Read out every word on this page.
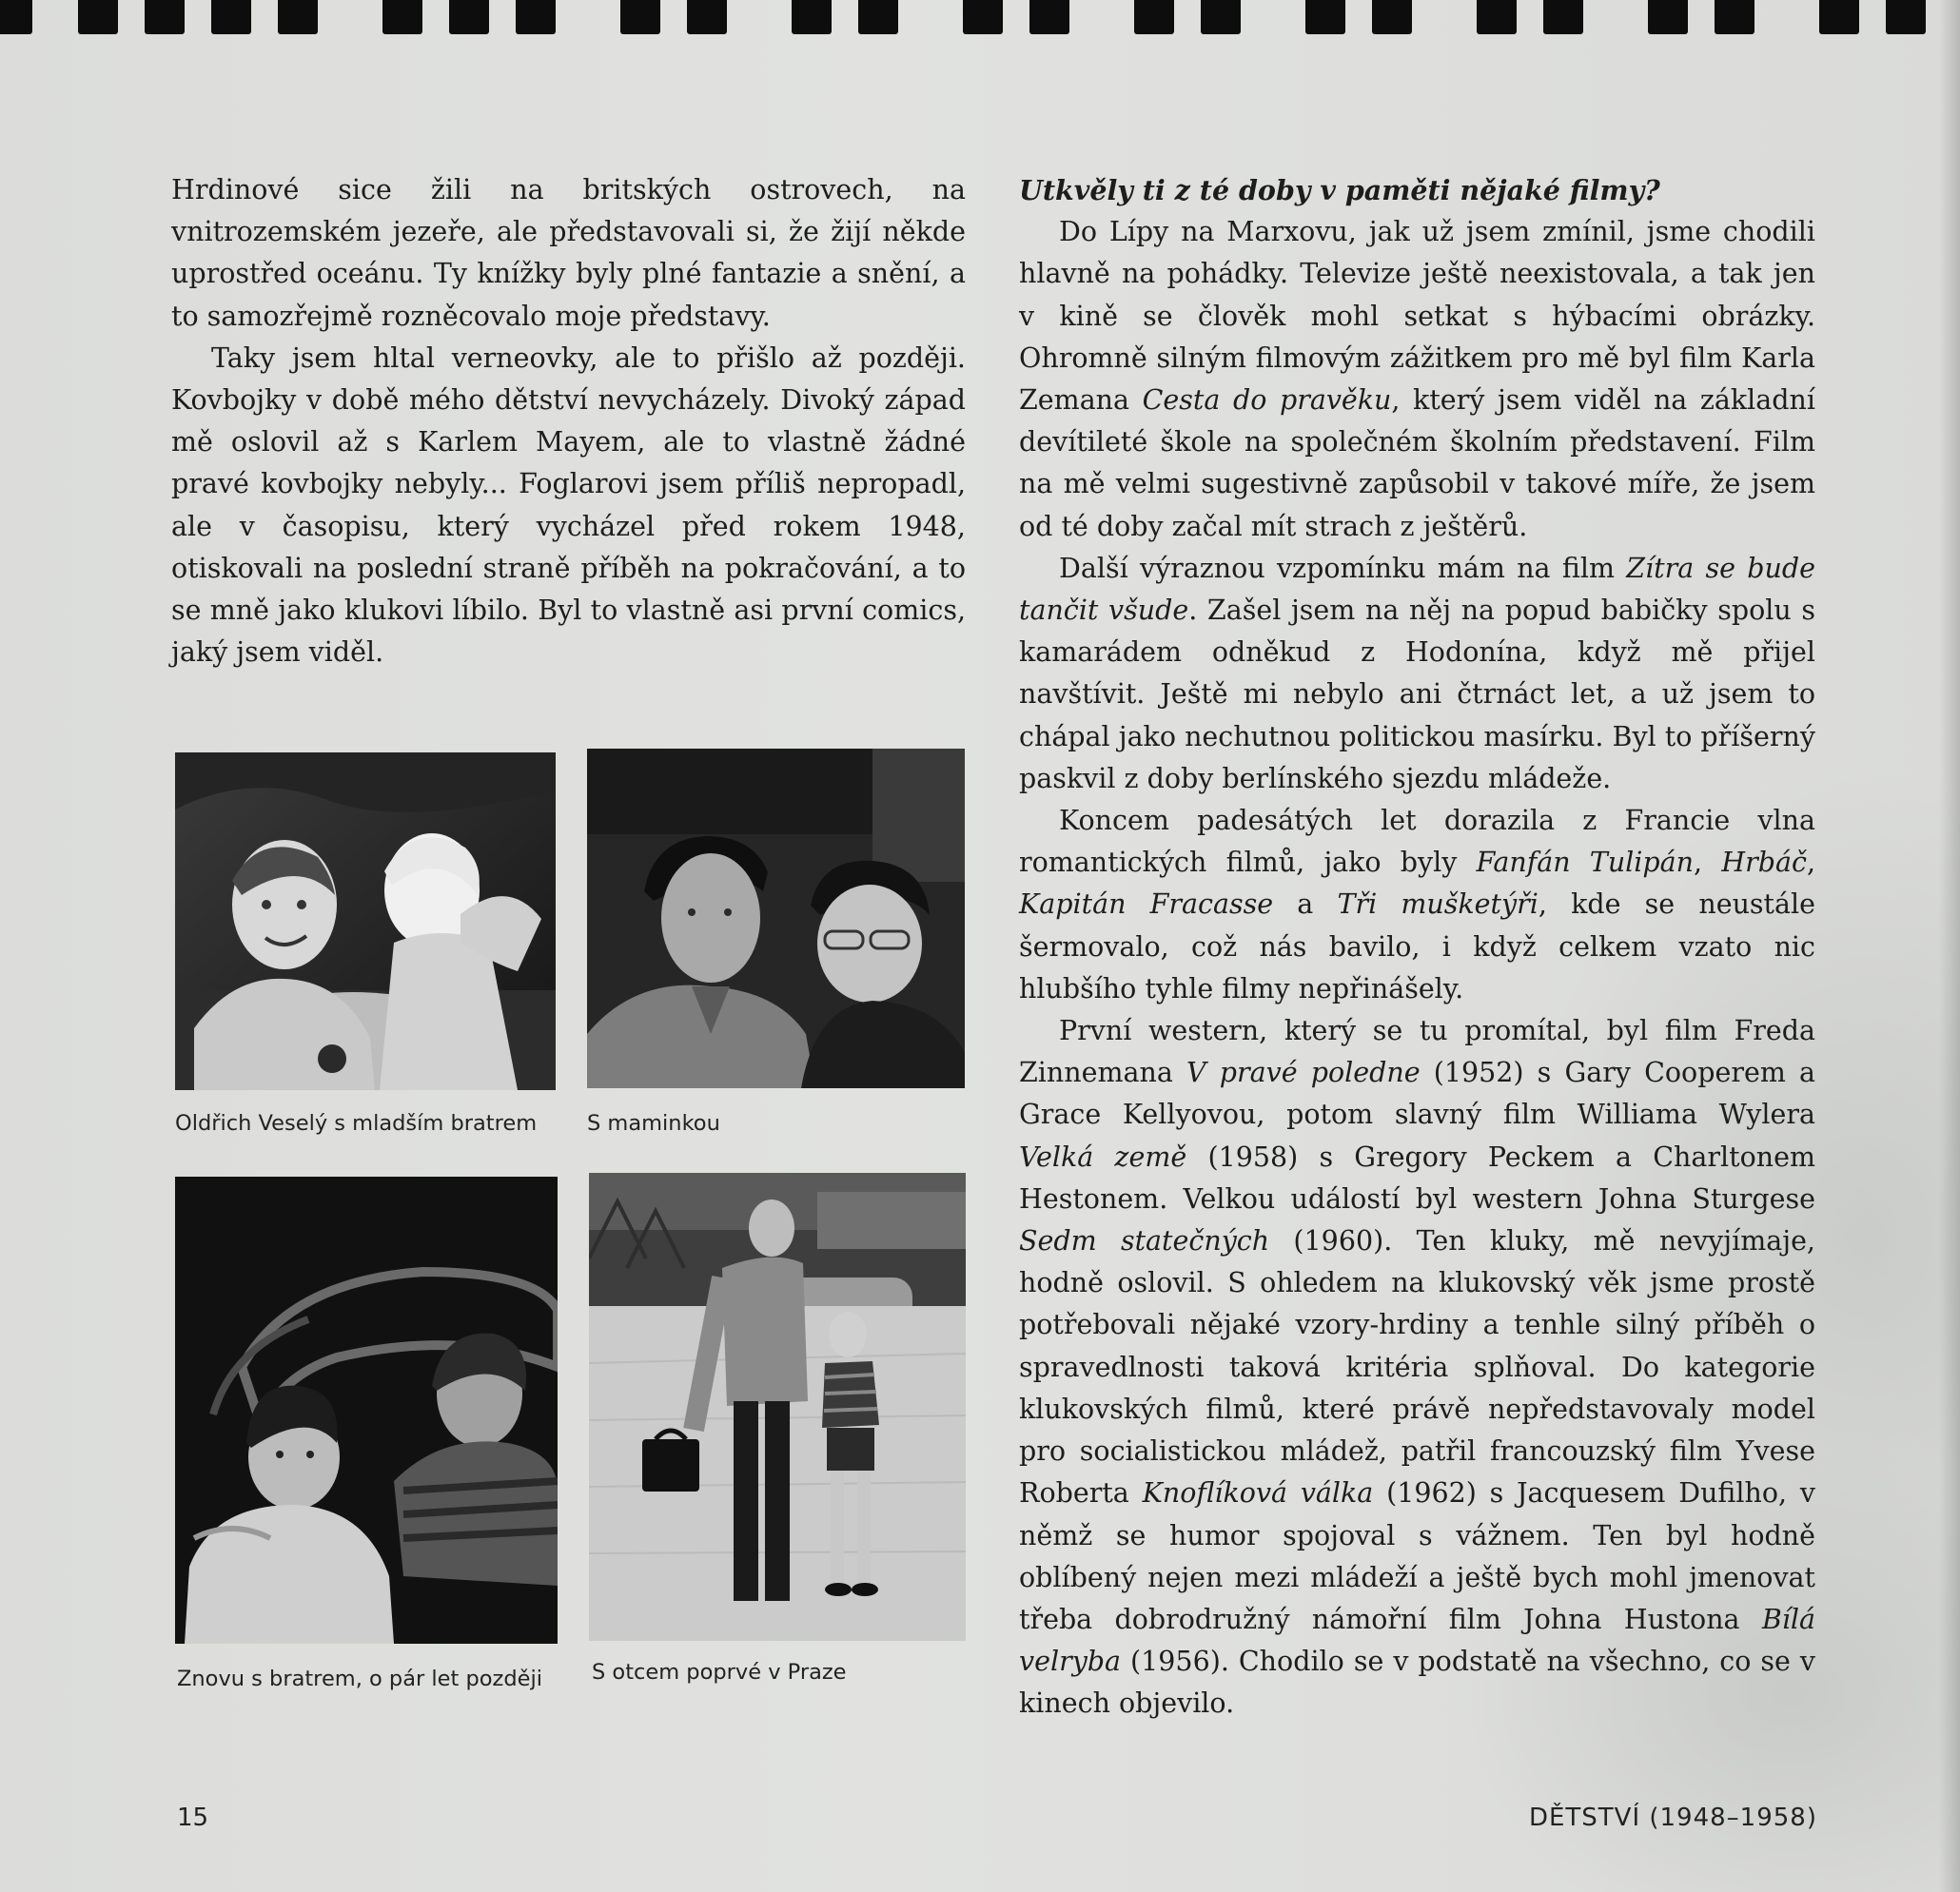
Hrdinové sice žili na britských ostrovech, na vnitrozemském jezeře, ale představovali si, že žijí někde uprostřed oceánu. Ty knížky byly plné fantazie a snění, a to samozřejmě rozněcovalo moje představy.

Taky jsem hltal verneovky, ale to přišlo až později. Kovbojky v době mého dětství nevycházely. Divoký západ mě oslovil až s Karlem Mayem, ale to vlastně žádné pravé kovbojky nebyly... Foglarovi jsem příliš nepropadl, ale v časopisu, který vycházel před rokem 1948, otiskovali na poslední straně příběh na pokračování, a to se mně jako klukovi líbilo. Byl to vlastně asi první comics, jaký jsem viděl.

Utkvěly ti z té doby v paměti nějaké filmy?

Do Lípy na Marxovu, jak už jsem zmínil, jsme chodili hlavně na pohádky. Televize ještě neexistovala, a tak jen v kině se člověk mohl setkat s hýbacími obrázky. Ohromně silným filmovým zážitkem pro mě byl film Karla Zemana Cesta do pravěku, který jsem viděl na základní devítileté škole na společném školním představení. Film na mě velmi sugestivně zapůsobil v takové míře, že jsem od té doby začal mít strach z ještěrů.

Další výraznou vzpomínku mám na film Zítra se bude tančit všude. Zašel jsem na něj na popud babičky spolu s kamarádem odněkud z Hodonína, když mě přijel navštívit. Ještě mi nebylo ani čtrnáct let, a už jsem to chápal jako nechutnou politickou masírku. Byl to příšerný paskvil z doby berlínského sjezdu mládeže.

Koncem padesátých let dorazila z Francie vlna romantických filmů, jako byly Fanfán Tulipán, Hrbáč, Kapitán Fracasse a Tři mušketýři, kde se neustále šermovalo, což nás bavilo, i když celkem vzato nic hlubšího tyhle filmy nepřinášely.

První western, který se tu promítal, byl film Freda Zinnemana V pravé poledne (1952) s Gary Cooperem a Grace Kellyovou, potom slavný film Williama Wylera Velká země (1958) s Gregory Peckem a Charltonem Hestonem. Velkou událostí byl western Johna Sturgese Sedm statečných (1960). Ten kluky, mě nevyjímaje, hodně oslovil. S ohledem na klukovský věk jsme prostě potřebovali nějaké vzory-hrdiny a tenhle silný příběh o spravedlnosti taková kritéria splňoval. Do kategorie klukovských filmů, které právě nepředstavovaly model pro socialistickou mládež, patřil francouzský film Yvese Roberta Knoflíková válka (1962) s Jacquesem Dufilho, v němž se humor spojoval s vážnem. Ten byl hodně oblíbený nejen mezi mládeží a ještě bych mohl jmenovat třeba dobrodružný námořní film Johna Hustona Bílá velryba (1956). Chodilo se v podstatě na všechno, co se v kinech objevilo.

Oldřich Veselý s mladším bratrem S maminkou
Znovu s bratrem, o pár let později S otcem poprvé v Praze
15	DĚTSTVÍ (1948–1958)
